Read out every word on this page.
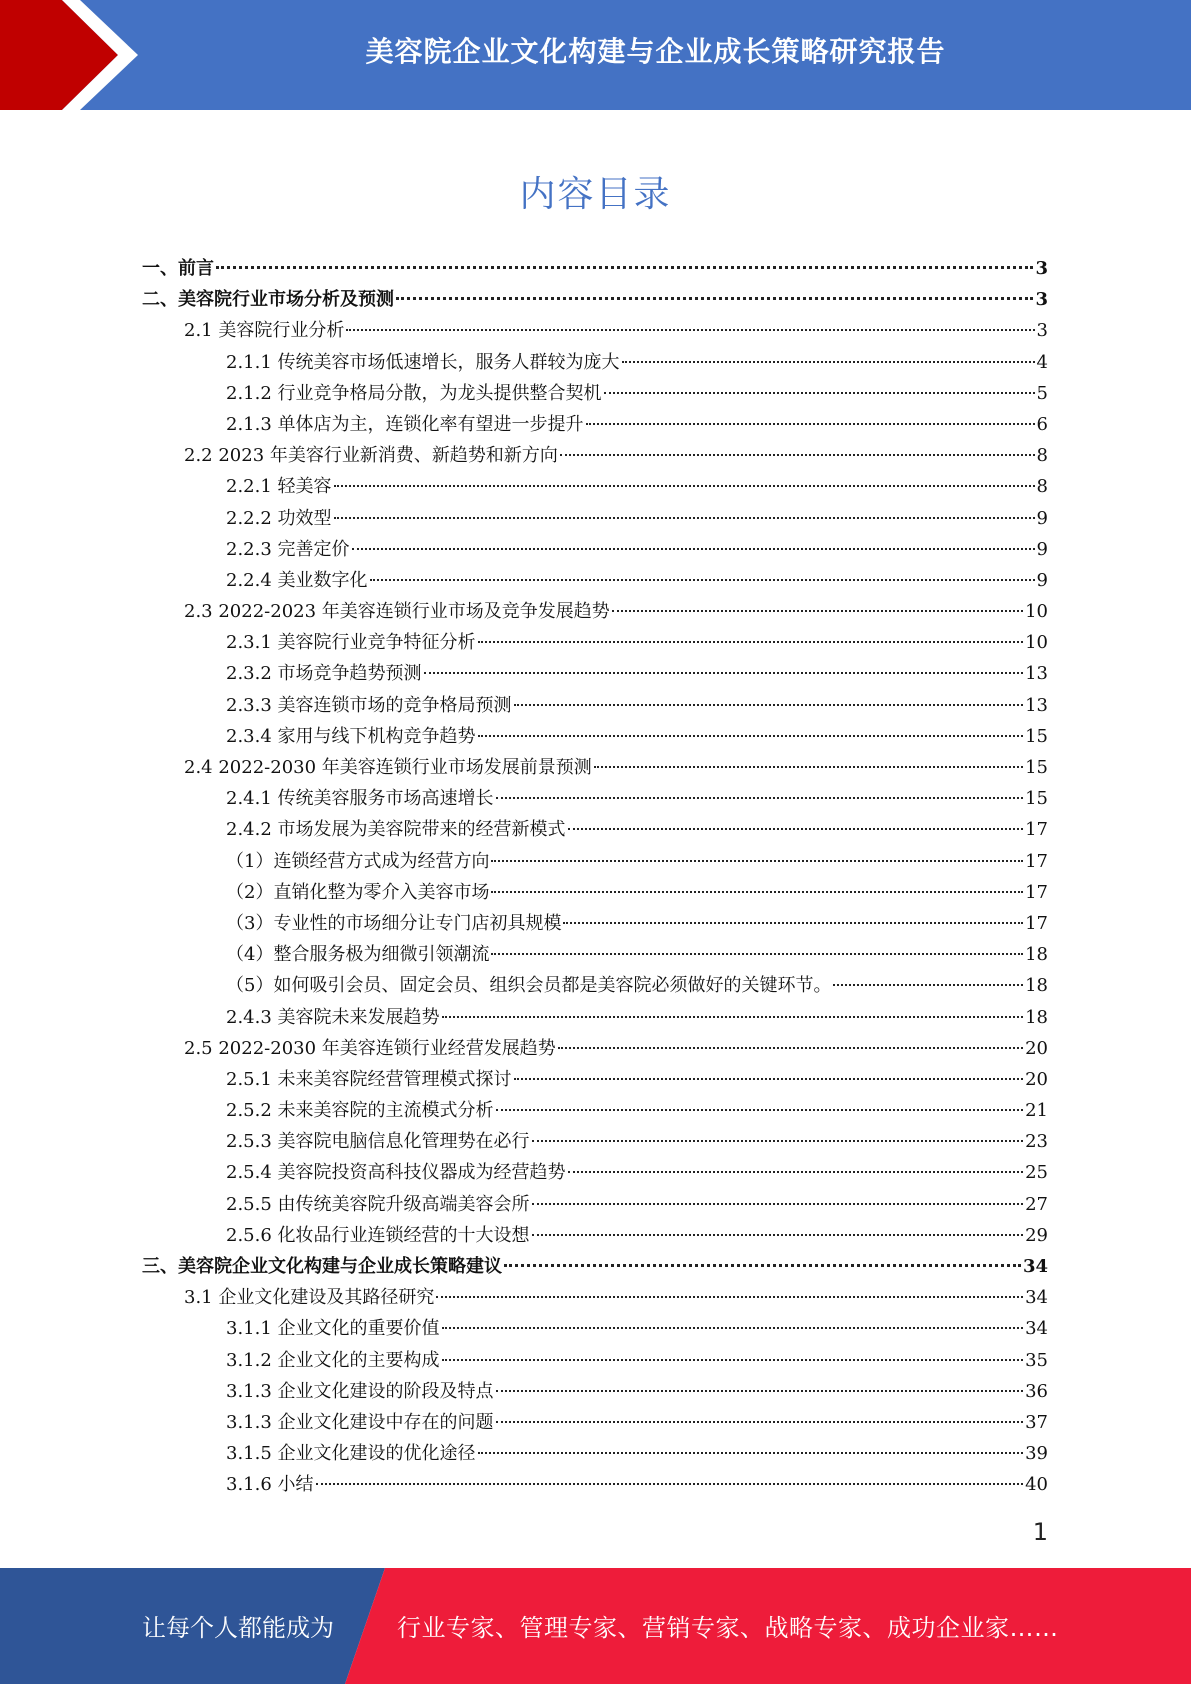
美容院企业文化构建与企业成长策略研究报告
内容目录
一、前言	3
二、美容院行业市场分析及预测	3
2.1 美容院行业分析	3
2.1.1 传统美容市场低速增长，服务人群较为庞大	4
2.1.2 行业竞争格局分散，为龙头提供整合契机	5
2.1.3 单体店为主，连锁化率有望进一步提升	6
2.2 2023 年美容行业新消费、新趋势和新方向	8
2.2.1 轻美容	8
2.2.2 功效型	9
2.2.3 完善定价	9
2.2.4 美业数字化	9
2.3 2022-2023 年美容连锁行业市场及竞争发展趋势	10
2.3.1 美容院行业竞争特征分析	10
2.3.2 市场竞争趋势预测	13
2.3.3 美容连锁市场的竞争格局预测	13
2.3.4 家用与线下机构竞争趋势	15
2.4 2022-2030 年美容连锁行业市场发展前景预测	15
2.4.1 传统美容服务市场高速增长	15
2.4.2 市场发展为美容院带来的经营新模式	17
（1）连锁经营方式成为经营方向	17
（2）直销化整为零介入美容市场	17
（3）专业性的市场细分让专门店初具规模	17
（4）整合服务极为细微引领潮流	18
（5）如何吸引会员、固定会员、组织会员都是美容院必须做好的关键环节。	18
2.4.3 美容院未来发展趋势	18
2.5 2022-2030 年美容连锁行业经营发展趋势	20
2.5.1 未来美容院经营管理模式探讨	20
2.5.2 未来美容院的主流模式分析	21
2.5.3 美容院电脑信息化管理势在必行	23
2.5.4 美容院投资高科技仪器成为经营趋势	25
2.5.5 由传统美容院升级高端美容会所	27
2.5.6 化妆品行业连锁经营的十大设想	29
三、美容院企业文化构建与企业成长策略建议	34
3.1 企业文化建设及其路径研究	34
3.1.1 企业文化的重要价值	34
3.1.2 企业文化的主要构成	35
3.1.3 企业文化建设的阶段及特点	36
3.1.3 企业文化建设中存在的问题	37
3.1.5 企业文化建设的优化途径	39
3.1.6 小结	40
1
让每个人都能成为	行业专家、管理专家、营销专家、战略专家、成功企业家……
